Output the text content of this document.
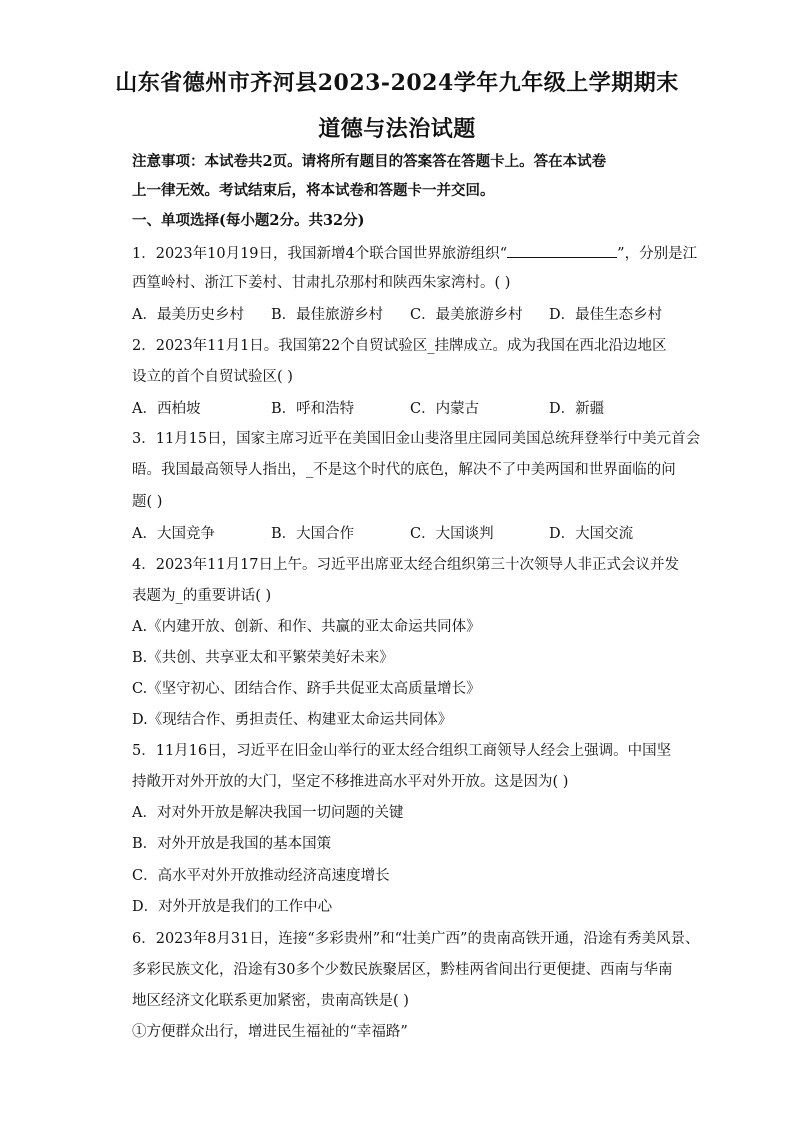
山东省德州市齐河县2023-2024学年九年级上学期期末
道德与法治试题
注意事项：本试卷共2页。请将所有题目的答案答在答题卡上。答在本试卷
上一律无效。考试结束后，将本试卷和答题卡一并交回。
一、单项选择(每小题2分。共32分)
1．2023年10月19日，我国新增4个联合国世界旅游组织“	”，分别是江
西篁岭村、浙江下姜村、甘肃扎尕那村和陕西朱家湾村。( )
A．最美历史乡村 B．最佳旅游乡村 C．最美旅游乡村 D．最佳生态乡村
2．2023年11月1日。我国第22个自贸试验区_挂牌成立。成为我国在西北沿边地区
设立的首个自贸试验区( )
A．西柏坡	B．呼和浩特	C．内蒙古	D．新疆
3．11月15日，国家主席习近平在美国旧金山斐洛里庄园同美国总统拜登举行中美元首会
晤。我国最高领导人指出，_不是这个时代的底色，解决不了中美两国和世界面临的问
题( )
A．大国竞争	B．大国合作	C．大国谈判	D．大国交流
4．2023年11月17日上午。习近平出席亚太经合组织第三十次领导人非正式会议并发
表题为_的重要讲话( )
A.《内建开放、创新、和作、共赢的亚太命运共同体》
B.《共创、共享亚太和平繁荣美好未来》
C.《坚守初心、团结合作、跻手共促亚太高质量增长》
D.《现结合作、勇担责任、构建亚太命运共同体》
5．11月16日，习近平在旧金山举行的亚太经合组织工商领导人经会上强调。中国坚
持敞开对外开放的大门，坚定不移推进高水平对外开放。这是因为( )
A．对对外开放是解决我国一切问题的关键
B．对外开放是我国的基本国策
C．高水平对外开放推动经济高速度增长
D．对外开放是我们的工作中心
6．2023年8月31日，连接“多彩贵州”和“壮美广西”的贵南高铁开通，沿途有秀美风景、
多彩民族文化，沿途有30多个少数民族聚居区，黔桂两省间出行更便捷、西南与华南
地区经济文化联系更加紧密，贵南高铁是( )
①方便群众出行，增进民生福祉的“幸福路”
